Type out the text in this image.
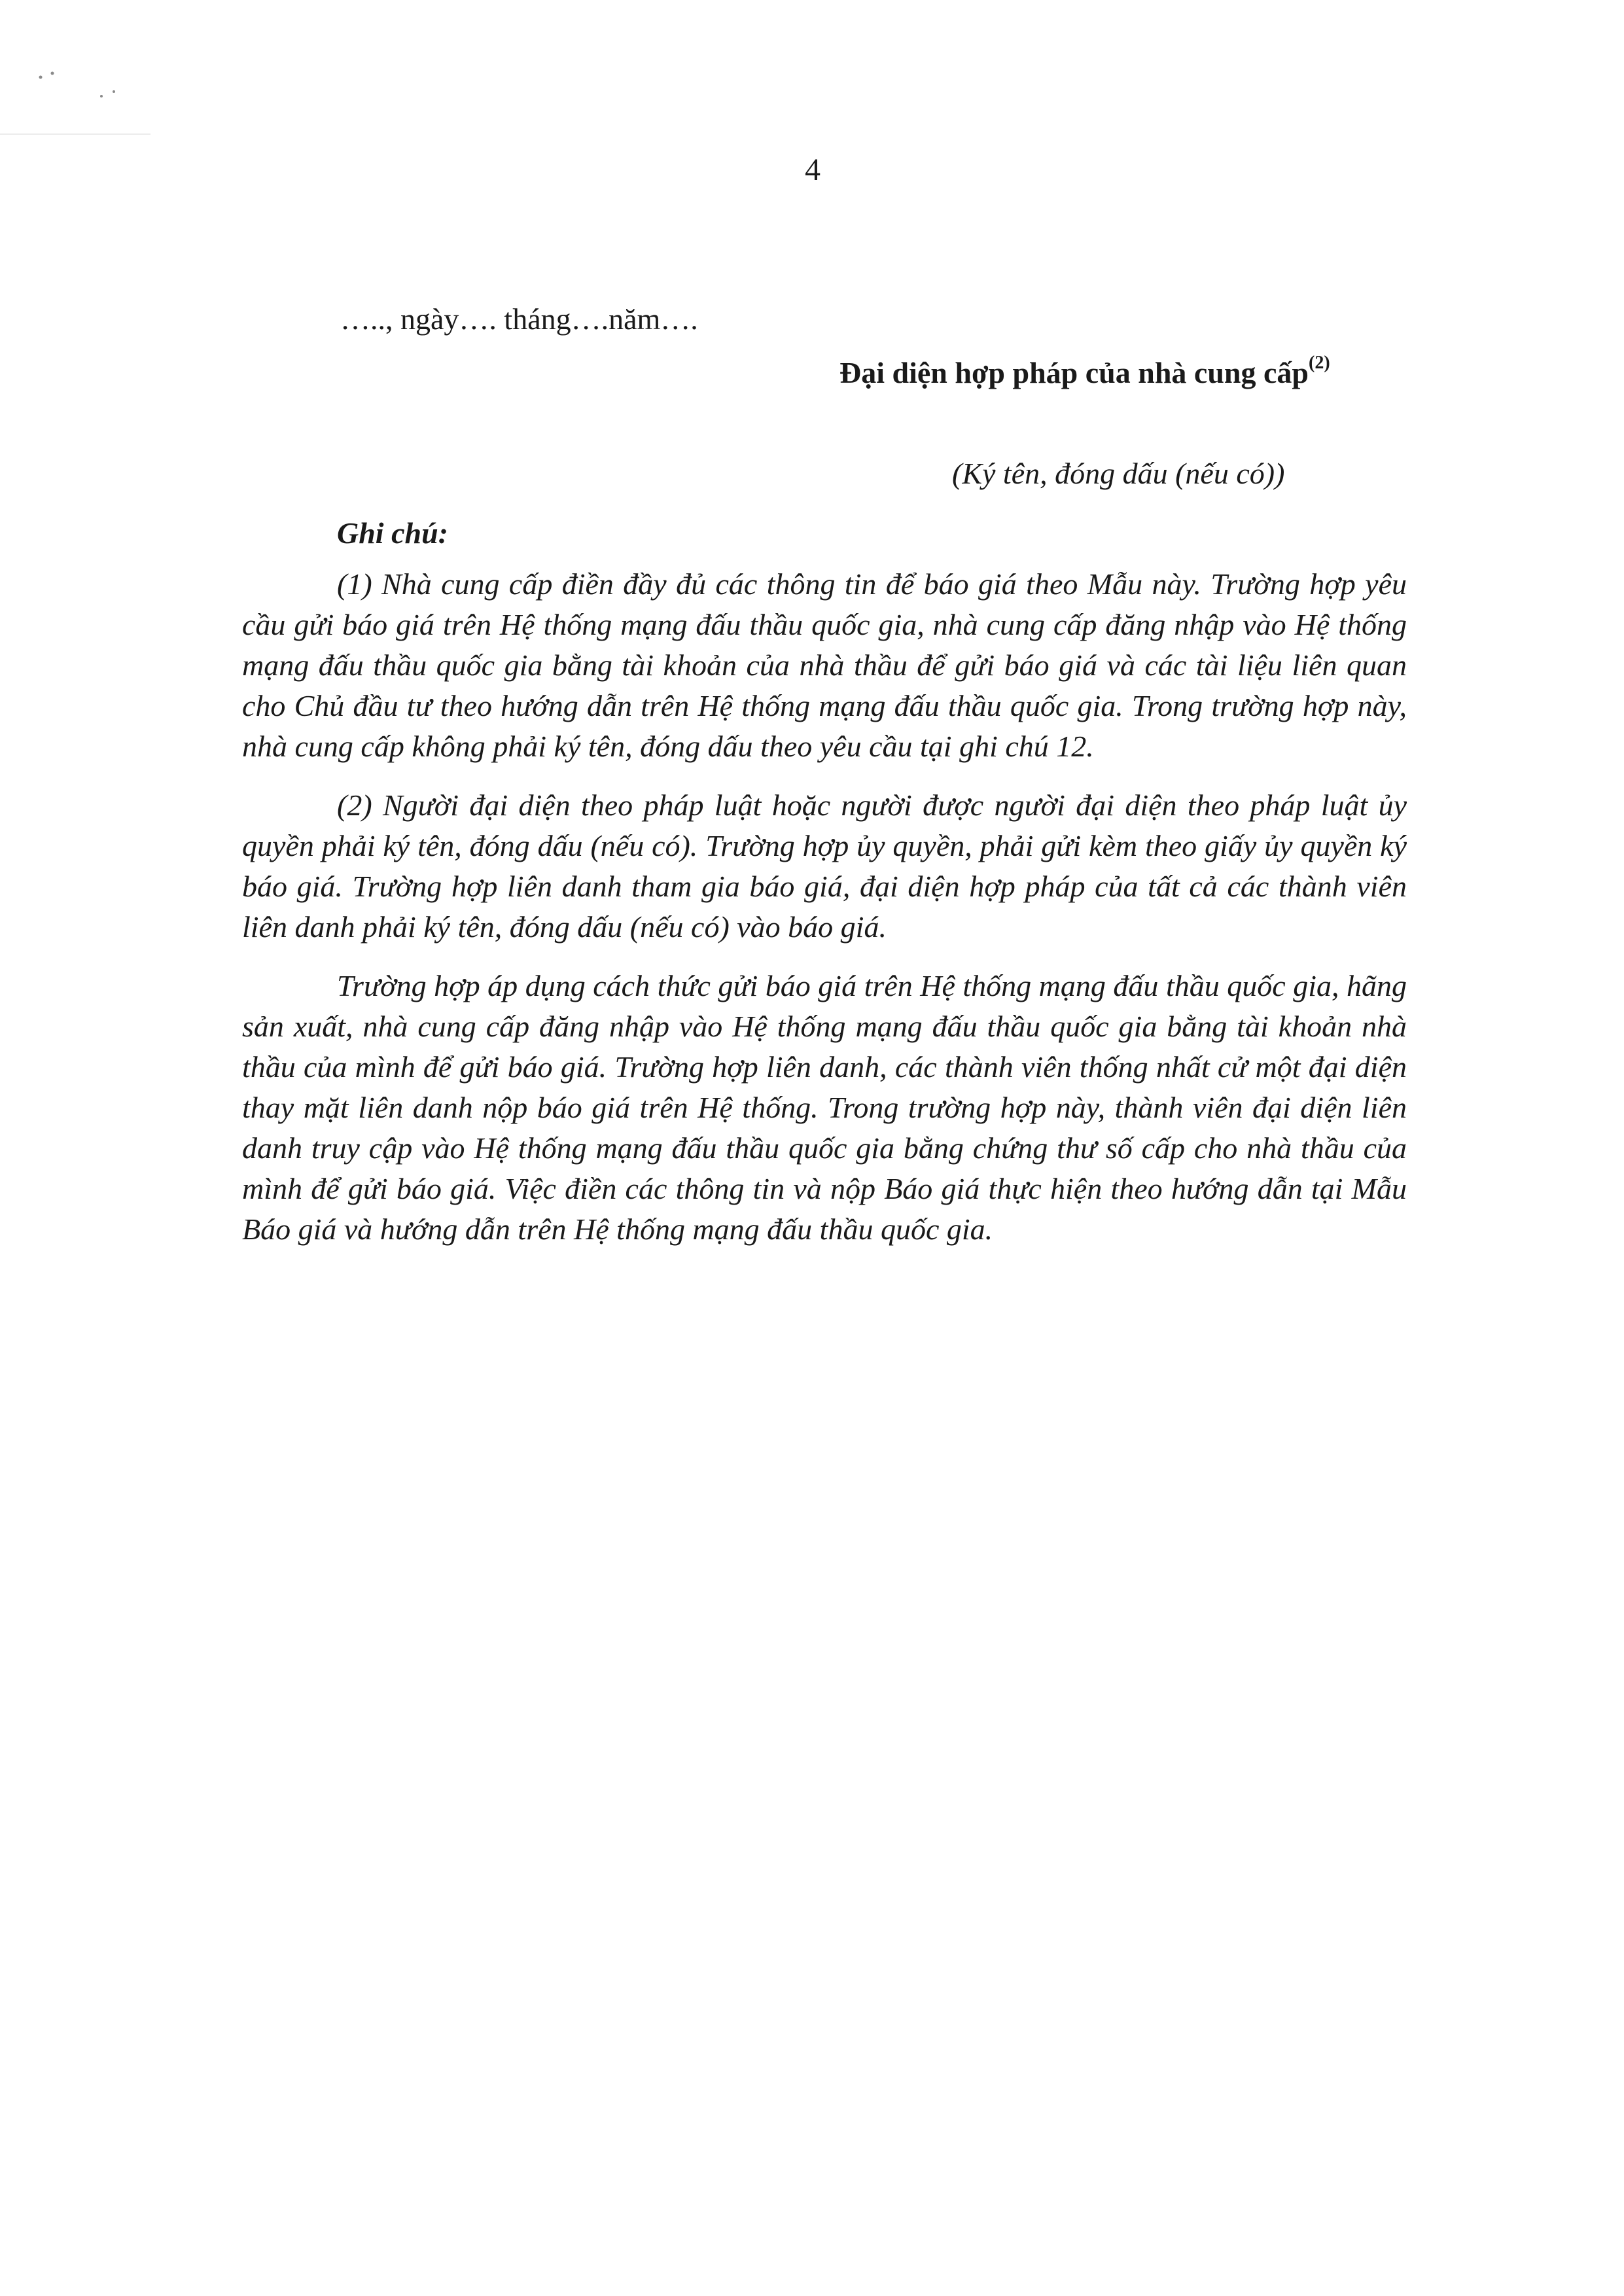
4
….., ngày…. tháng….năm….
Đại diện hợp pháp của nhà cung cấp$^{(2)}$
(Ký tên, đóng dấu (nếu có))
Ghi chú:

(1) Nhà cung cấp điền đầy đủ các thông tin để báo giá theo Mẫu này. Trường hợp yêu cầu gửi báo giá trên Hệ thống mạng đấu thầu quốc gia, nhà cung cấp đăng nhập vào Hệ thống mạng đấu thầu quốc gia bằng tài khoản của nhà thầu để gửi báo giá và các tài liệu liên quan cho Chủ đầu tư theo hướng dẫn trên Hệ thống mạng đấu thầu quốc gia. Trong trường hợp này, nhà cung cấp không phải ký tên, đóng dấu theo yêu cầu tại ghi chú 12.

(2) Người đại diện theo pháp luật hoặc người được người đại diện theo pháp luật ủy quyền phải ký tên, đóng dấu (nếu có). Trường hợp ủy quyền, phải gửi kèm theo giấy ủy quyền ký báo giá. Trường hợp liên danh tham gia báo giá, đại diện hợp pháp của tất cả các thành viên liên danh phải ký tên, đóng dấu (nếu có) vào báo giá.

Trường hợp áp dụng cách thức gửi báo giá trên Hệ thống mạng đấu thầu quốc gia, hãng sản xuất, nhà cung cấp đăng nhập vào Hệ thống mạng đấu thầu quốc gia bằng tài khoản nhà thầu của mình để gửi báo giá. Trường hợp liên danh, các thành viên thống nhất cử một đại diện thay mặt liên danh nộp báo giá trên Hệ thống. Trong trường hợp này, thành viên đại diện liên danh truy cập vào Hệ thống mạng đấu thầu quốc gia bằng chứng thư số cấp cho nhà thầu của mình để gửi báo giá. Việc điền các thông tin và nộp Báo giá thực hiện theo hướng dẫn tại Mẫu Báo giá và hướng dẫn trên Hệ thống mạng đấu thầu quốc gia.
